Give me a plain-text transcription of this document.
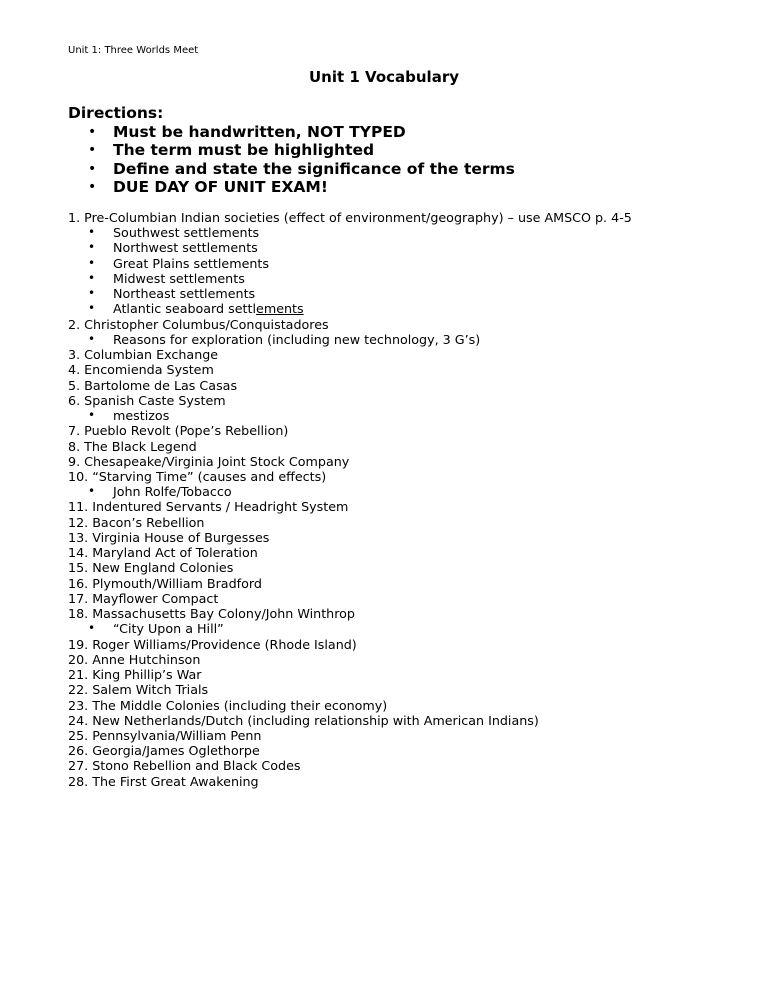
Unit 1: Three Worlds Meet
Unit 1 Vocabulary
Directions:
• Must be handwritten, NOT TYPED
• The term must be highlighted
• Define and state the significance of the terms
• DUE DAY OF UNIT EXAM!
1. Pre-Columbian Indian societies (effect of environment/geography) – use AMSCO p. 4-5
• Southwest settlements
• Northwest settlements
• Great Plains settlements
• Midwest settlements
• Northeast settlements
• Atlantic seaboard settlements
2. Christopher Columbus/Conquistadores
• Reasons for exploration (including new technology, 3 G’s)
3. Columbian Exchange
4. Encomienda System
5. Bartolome de Las Casas
6. Spanish Caste System
• mestizos
7. Pueblo Revolt (Pope’s Rebellion)
8. The Black Legend
9. Chesapeake/Virginia Joint Stock Company
10. “Starving Time” (causes and effects)
• John Rolfe/Tobacco
11. Indentured Servants / Headright System
12. Bacon’s Rebellion
13. Virginia House of Burgesses
14. Maryland Act of Toleration
15. New England Colonies
16. Plymouth/William Bradford
17. Mayflower Compact
18. Massachusetts Bay Colony/John Winthrop
• “City Upon a Hill”
19. Roger Williams/Providence (Rhode Island)
20. Anne Hutchinson
21. King Phillip’s War
22. Salem Witch Trials
23. The Middle Colonies (including their economy)
24. New Netherlands/Dutch (including relationship with American Indians)
25. Pennsylvania/William Penn
26. Georgia/James Oglethorpe
27. Stono Rebellion and Black Codes
28. The First Great Awakening
